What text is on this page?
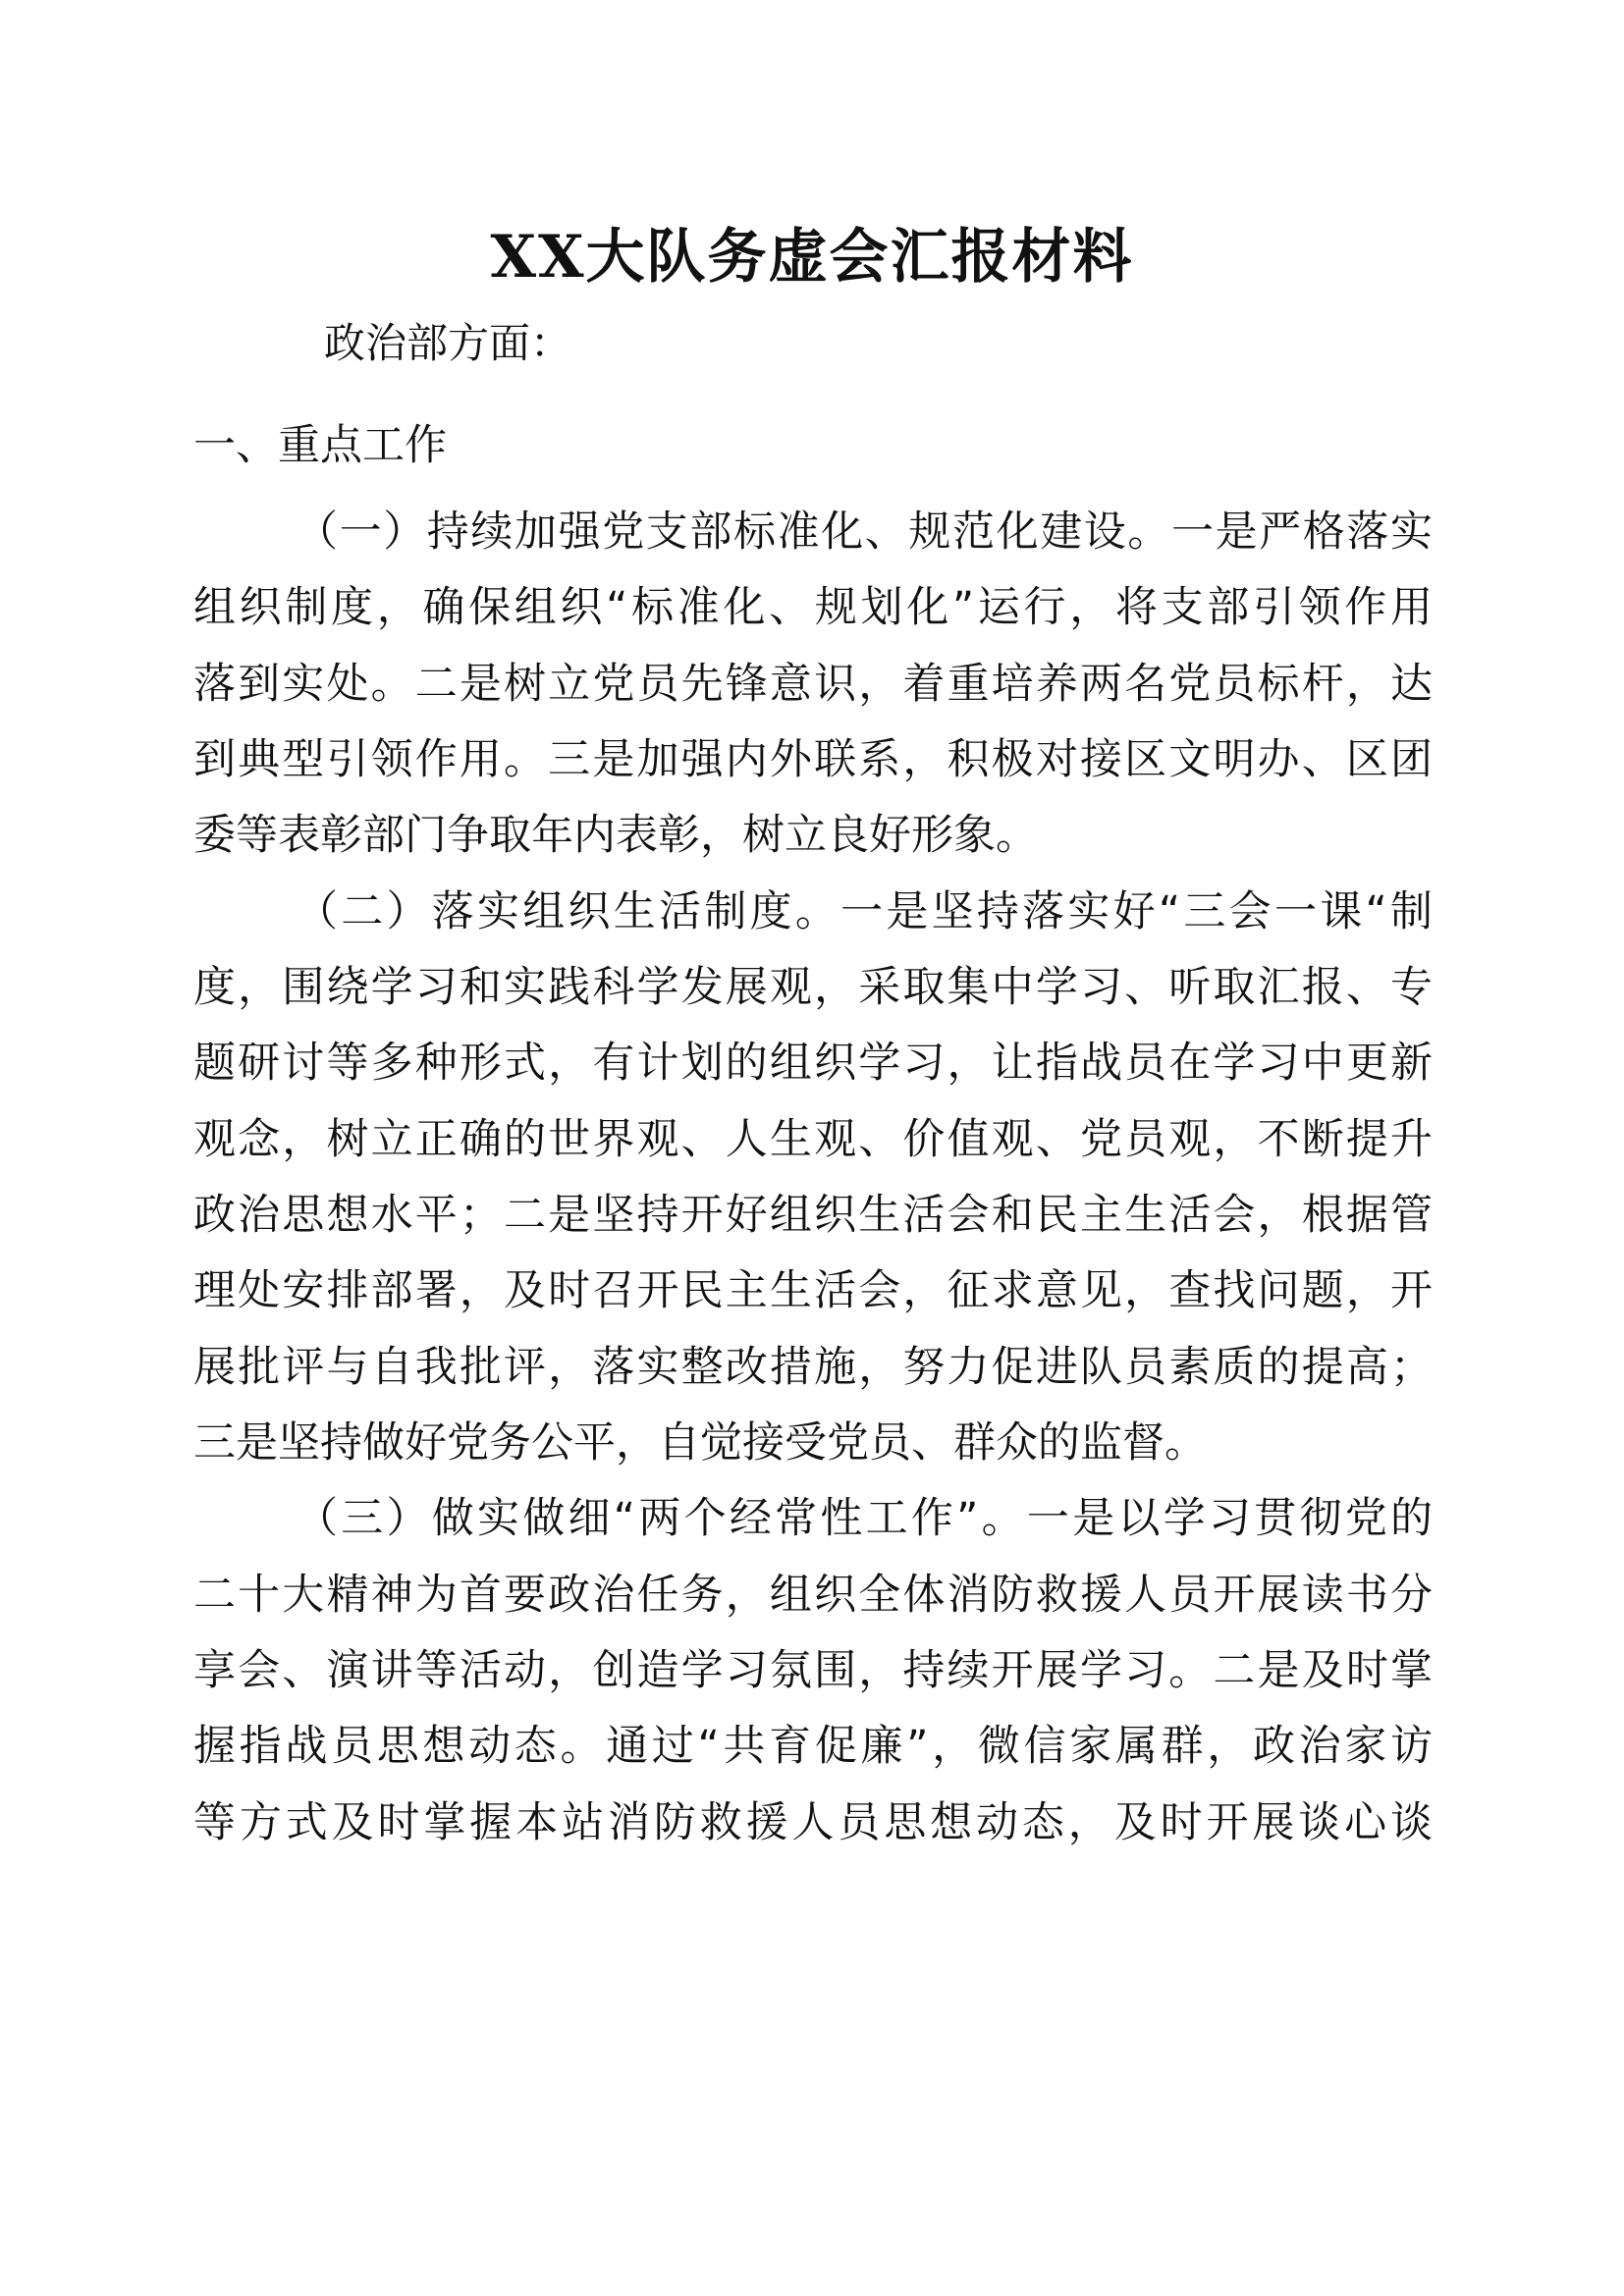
XX大队务虚会汇报材料

政治部方面：

一、重点工作

（一）持续加强党支部标准化、规范化建设。一是严格落实

组织制度，确保组织“标准化、规划化”运行，将支部引领作用

落到实处。二是树立党员先锋意识，着重培养两名党员标杆，达

到典型引领作用。三是加强内外联系，积极对接区文明办、区团

委等表彰部门争取年内表彰，树立良好形象。

（二）落实组织生活制度。一是坚持落实好“三会一课“制

度，围绕学习和实践科学发展观，采取集中学习、听取汇报、专

题研讨等多种形式，有计划的组织学习，让指战员在学习中更新

观念，树立正确的世界观、人生观、价值观、党员观，不断提升

政治思想水平；二是坚持开好组织生活会和民主生活会，根据管

理处安排部署，及时召开民主生活会，征求意见，查找问题，开

展批评与自我批评，落实整改措施，努力促进队员素质的提高；

三是坚持做好党务公平，自觉接受党员、群众的监督。

（三）做实做细“两个经常性工作”。一是以学习贯彻党的

二十大精神为首要政治任务，组织全体消防救援人员开展读书分

享会、演讲等活动，创造学习氛围，持续开展学习。二是及时掌

握指战员思想动态。通过“共育促廉”，微信家属群，政治家访

等方式及时掌握本站消防救援人员思想动态，及时开展谈心谈
